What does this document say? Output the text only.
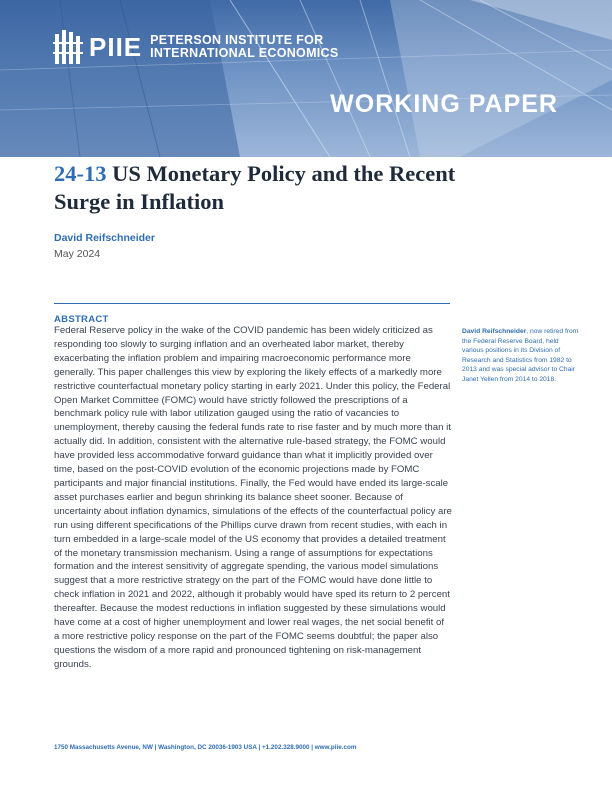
PIIE PETERSON INSTITUTE FOR
INTERNATIONAL ECONOMICS
WORKING PAPER
24-13 US Monetary Policy and the Recent Surge in Inflation
David Reifschneider
May 2024
ABSTRACT

Federal Reserve policy in the wake of the COVID pandemic has been widely criticized as responding too slowly to surging inflation and an overheated labor market, thereby exacerbating the inflation problem and impairing macroeconomic performance more generally. This paper challenges this view by exploring the likely effects of a markedly more restrictive counterfactual monetary policy starting in early 2021. Under this policy, the Federal Open Market Committee (FOMC) would have strictly followed the prescriptions of a benchmark policy rule with labor utilization gauged using the ratio of vacancies to unemployment, thereby causing the federal funds rate to rise faster and by much more than it actually did. In addition, consistent with the alternative rule-based strategy, the FOMC would have provided less accommodative forward guidance than what it implicitly provided over time, based on the post-COVID evolution of the economic projections made by FOMC participants and major financial institutions. Finally, the Fed would have ended its large-scale asset purchases earlier and begun shrinking its balance sheet sooner. Because of uncertainty about inflation dynamics, simulations of the effects of the counterfactual policy are run using different specifications of the Phillips curve drawn from recent studies, with each in turn embedded in a large-scale model of the US economy that provides a detailed treatment of the monetary transmission mechanism. Using a range of assumptions for expectations formation and the interest sensitivity of aggregate spending, the various model simulations suggest that a more restrictive strategy on the part of the FOMC would have done little to check inflation in 2021 and 2022, although it probably would have sped its return to 2 percent thereafter. Because the modest reductions in inflation suggested by these simulations would have come at a cost of higher unemployment and lower real wages, the net social benefit of a more restrictive policy response on the part of the FOMC seems doubtful; the paper also questions the wisdom of a more rapid and pronounced tightening on risk-management grounds.

David Reifschneider, now retired from the Federal Reserve Board, held various positions in its Division of Research and Statistics from 1982 to 2013 and was special advisor to Chair Janet Yellen from 2014 to 2018.

1750 Massachusetts Avenue, NW | Washington, DC 20036-1903 USA | +1.202.328.9000 | www.piie.com
